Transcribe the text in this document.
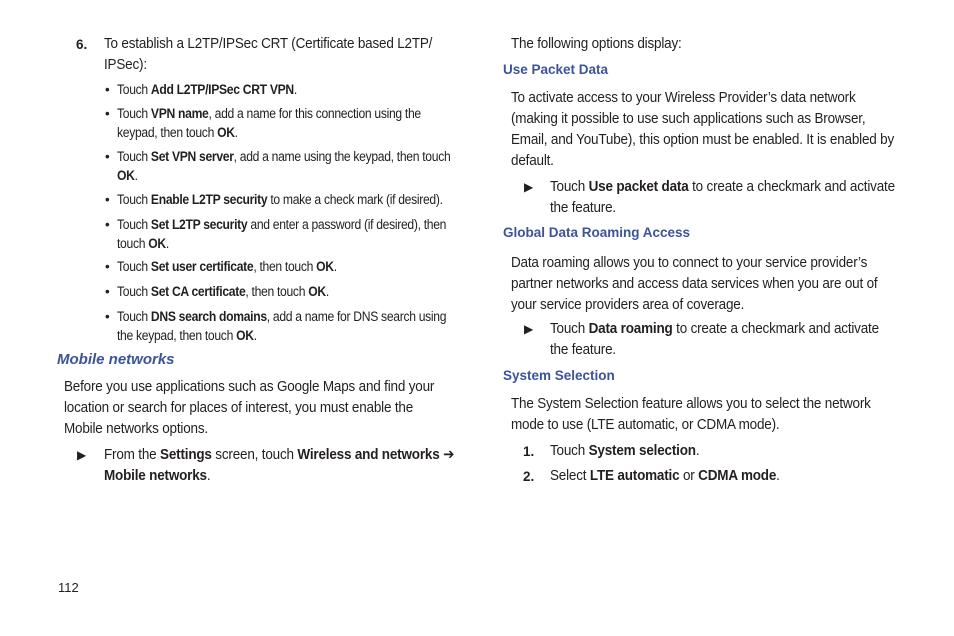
6. To establish a L2TP/IPSec CRT (Certificate based L2TP/
IPSec):
• Touch Add L2TP/IPSec CRT VPN.
• Touch VPN name, add a name for this connection using the
keypad, then touch OK.
• Touch Set VPN server, add a name using the keypad, then touch
OK.
• Touch Enable L2TP security to make a check mark (if desired).
• Touch Set L2TP security and enter a password (if desired), then
touch OK.
• Touch Set user certificate, then touch OK.
• Touch Set CA certificate, then touch OK.
• Touch DNS search domains, add a name for DNS search using
the keypad, then touch OK.
Mobile networks
Before you use applications such as Google Maps and find your
location or search for places of interest, you must enable the
Mobile networks options.
▶ From the Settings screen, touch Wireless and networks ➔
Mobile networks.
112
The following options display:
Use Packet Data
To activate access to your Wireless Provider’s data network
(making it possible to use such applications such as Browser,
Email, and YouTube), this option must be enabled. It is enabled by
default.
▶ Touch Use packet data to create a checkmark and activate
the feature.
Global Data Roaming Access
Data roaming allows you to connect to your service provider’s
partner networks and access data services when you are out of
your service providers area of coverage.
▶ Touch Data roaming to create a checkmark and activate
the feature.
System Selection
The System Selection feature allows you to select the network
mode to use (LTE automatic, or CDMA mode).
1. Touch System selection.
2. Select LTE automatic or CDMA mode.
